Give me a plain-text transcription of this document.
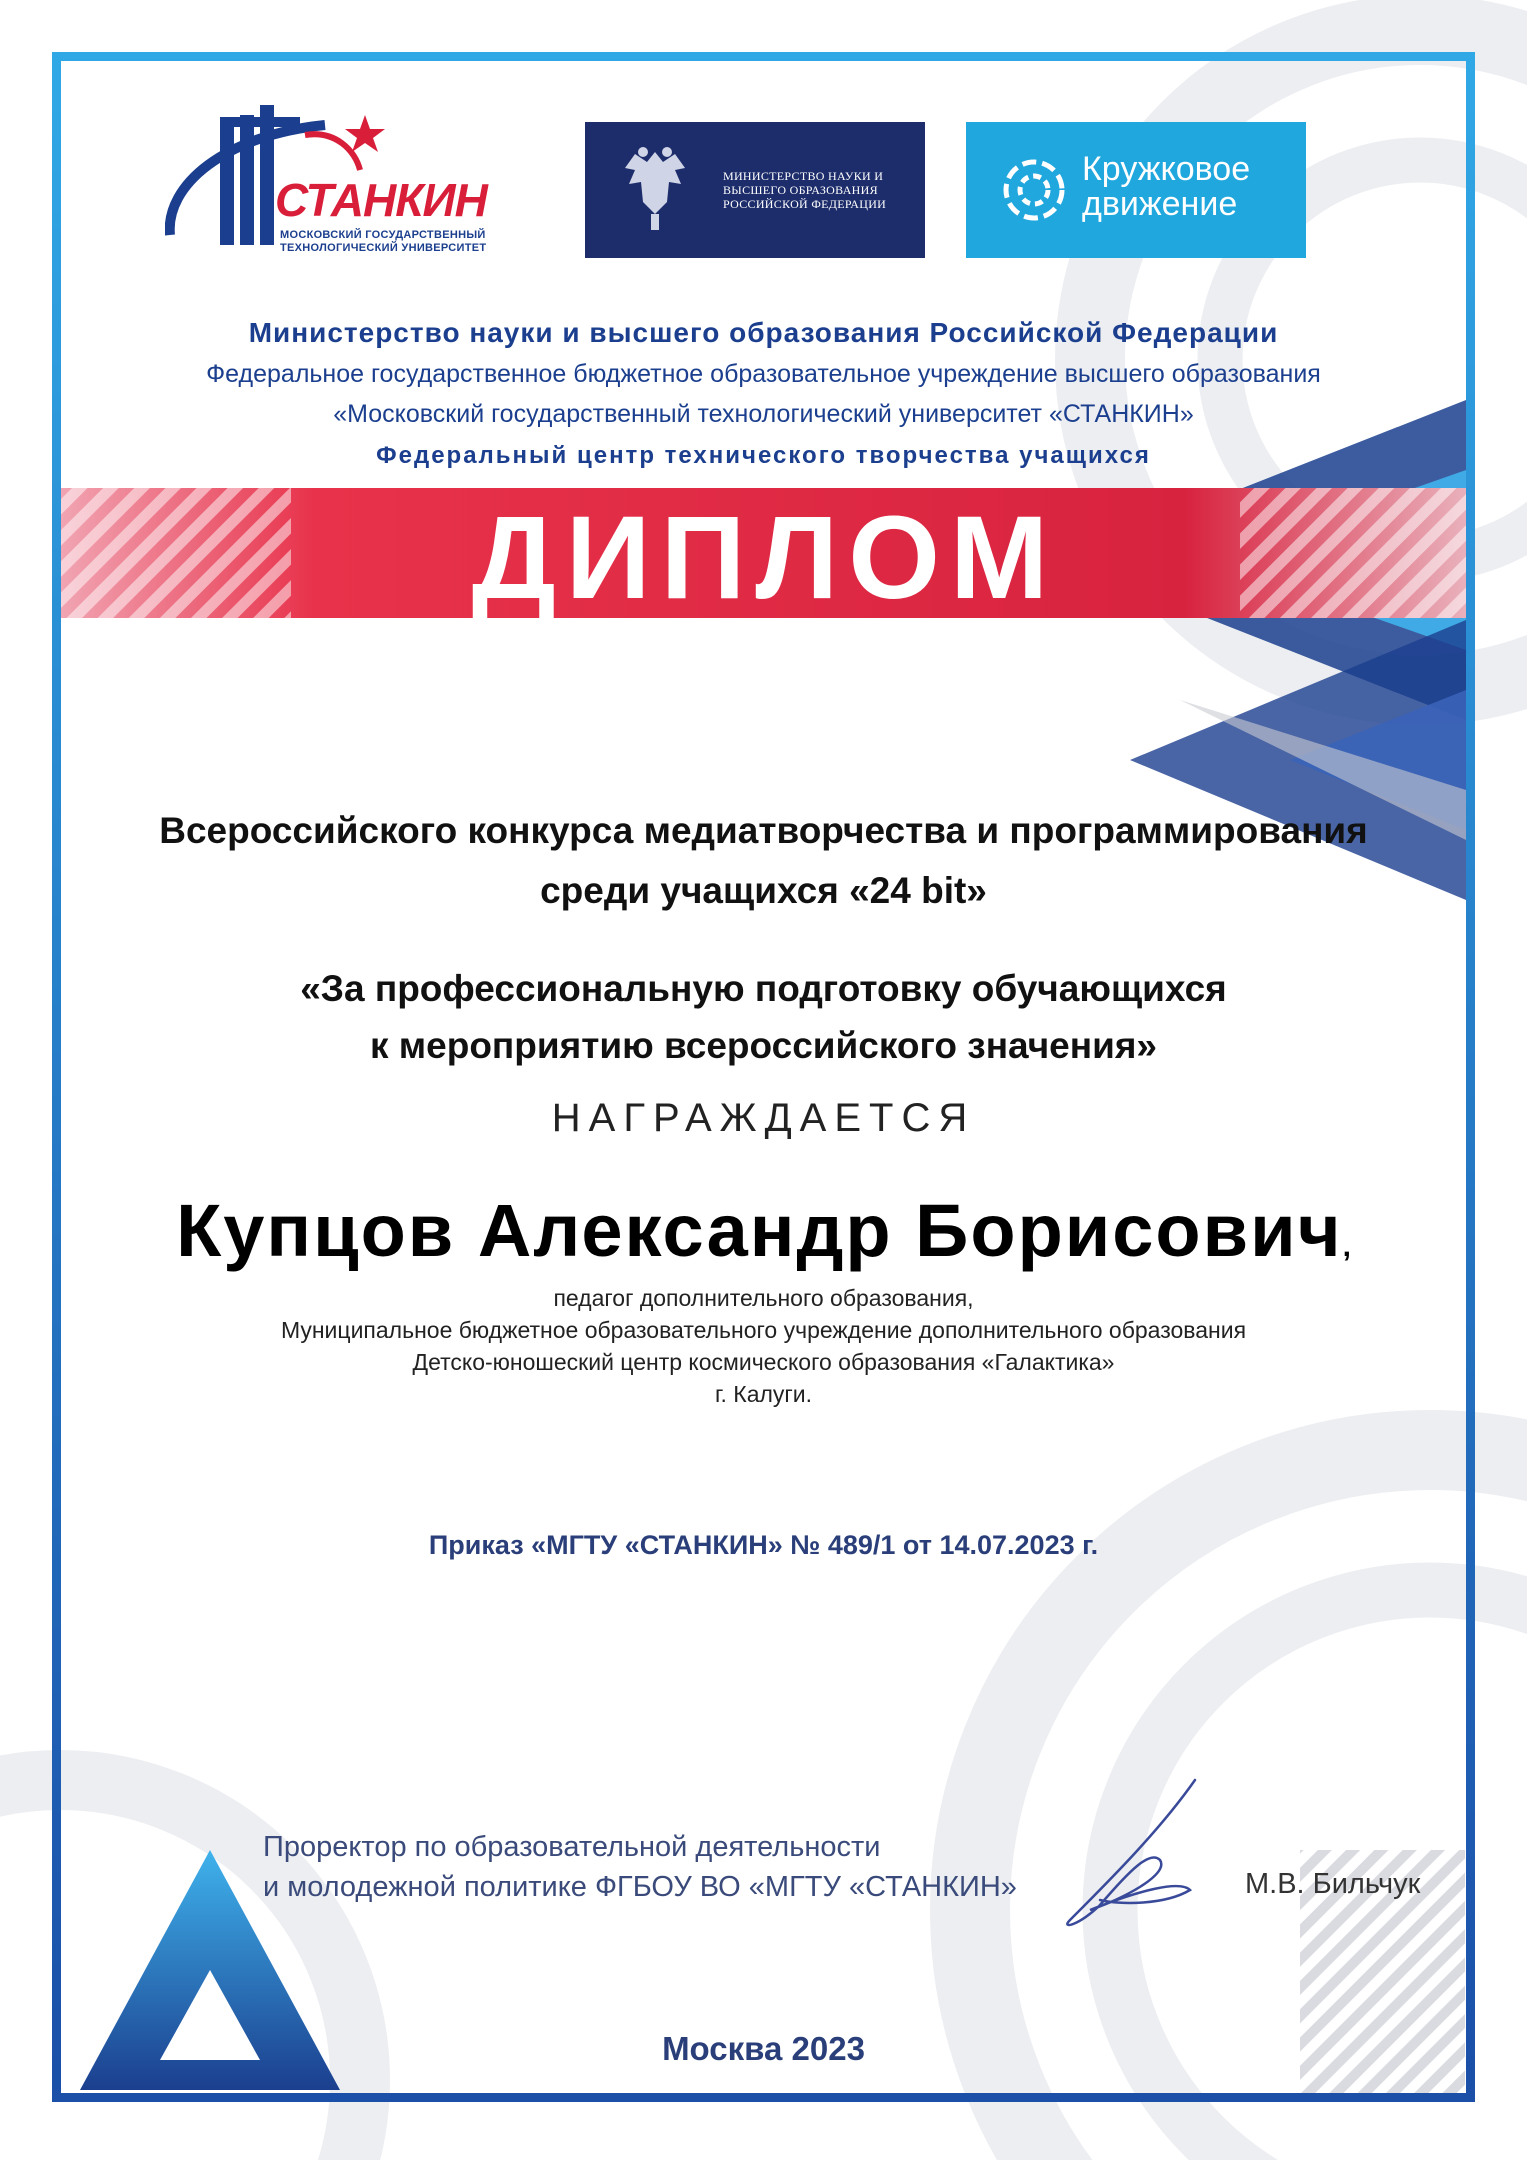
СТАНКИН
МОСКОВСКИЙ ГОСУДАРСТВЕННЫЙ ТЕХНОЛОГИЧЕСКИЙ УНИВЕРСИТЕТ
МИНИСТЕРСТВО НАУКИ И ВЫСШЕГО ОБРАЗОВАНИЯ РОССИЙСКОЙ ФЕДЕРАЦИИ
Кружковое движение
Министерство науки и высшего образования Российской Федерации
Федеральное государственное бюджетное образовательное учреждение высшего образования
«Московский государственный технологический университет «СТАНКИН»
Федеральный центр технического творчества учащихся
ДИПЛОМ
Всероссийского конкурса медиатворчества и программирования
среди учащихся «24 bit»
«За профессиональную подготовку обучающихся
к мероприятию всероссийского значения»
НАГРАЖДАЕТСЯ
Купцов Александр Борисович,
педагог дополнительного образования,
Муниципальное бюджетное образовательного учреждение дополнительного образования
Детско-юношеский центр космического образования «Галактика»
г. Калуги.
Приказ «МГТУ «СТАНКИН» № 489/1 от 14.07.2023 г.
Проректор по образовательной деятельности
и молодежной политике ФГБОУ ВО «МГТУ «СТАНКИН»	М.В. Бильчук
Москва 2023
